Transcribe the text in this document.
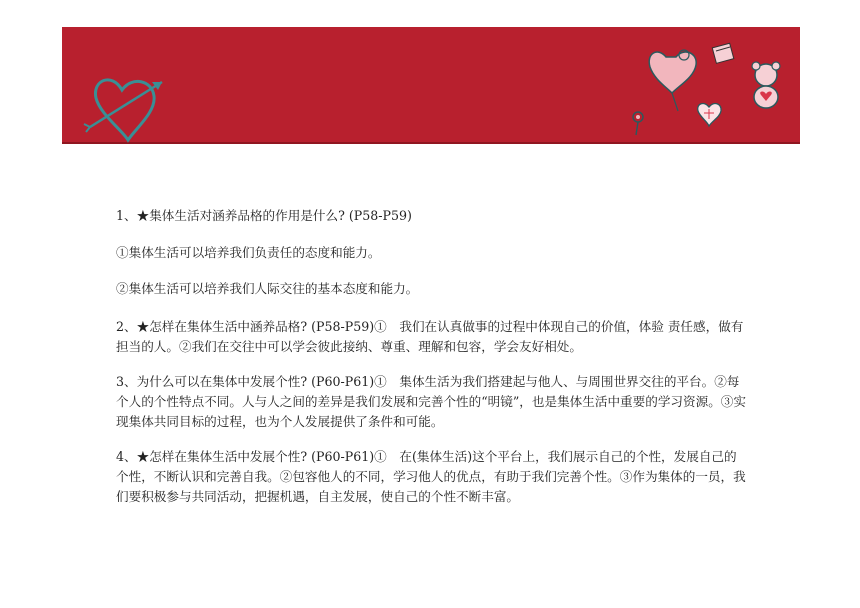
1、★集体生活对涵养品格的作用是什么? (P58-P59)

①集体生活可以培养我们负责任的态度和能力。

②集体生活可以培养我们人际交往的基本态度和能力。

2、★怎样在集体生活中涵养品格? (P58-P59)①　我们在认真做事的过程中体现自己的价值，体验 责任感，做有担当的人。②我们在交往中可以学会彼此接纳、尊重、理解和包容，学会友好相处。

3、为什么可以在集体中发展个性? (P60-P61)①　集体生活为我们搭建起与他人、与周围世界交往的平台。②每个人的个性特点不同。人与人之间的差异是我们发展和完善个性的“明镜”，也是集体生活中重要的学习资源。③实现集体共同目标的过程，也为个人发展提供了条件和可能。

4、★怎样在集体生活中发展个性? (P60-P61)①　在(集体生活)这个平台上，我们展示自己的个性，发展自己的个性，不断认识和完善自我。②包容他人的不同，学习他人的优点，有助于我们完善个性。③作为集体的一员，我们要积极参与共同活动，把握机遇，自主发展，使自己的个性不断丰富。
